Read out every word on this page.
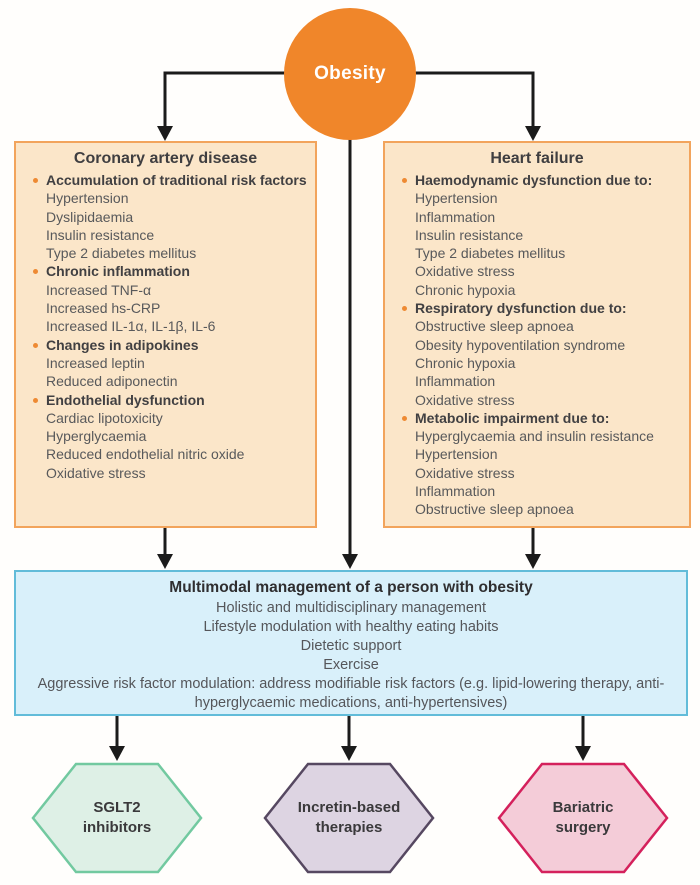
Obesity
Coronary artery disease
Accumulation of traditional risk factors
Hypertension
Dyslipidaemia
Insulin resistance
Type 2 diabetes mellitus
Chronic inflammation
Increased TNF-α
Increased hs-CRP
Increased IL-1α, IL-1β, IL-6
Changes in adipokines
Increased leptin
Reduced adiponectin
Endothelial dysfunction
Cardiac lipotoxicity
Hyperglycaemia
Reduced endothelial nitric oxide
Oxidative stress
Heart failure
Haemodynamic dysfunction due to:
Hypertension
Inflammation
Insulin resistance
Type 2 diabetes mellitus
Oxidative stress
Chronic hypoxia
Respiratory dysfunction due to:
Obstructive sleep apnoea
Obesity hypoventilation syndrome
Chronic hypoxia
Inflammation
Oxidative stress
Metabolic impairment due to:
Hyperglycaemia and insulin resistance
Hypertension
Oxidative stress
Inflammation
Obstructive sleep apnoea
Multimodal management of a person with obesity
Holistic and multidisciplinary management
Lifestyle modulation with healthy eating habits
Dietetic support
Exercise
Aggressive risk factor modulation: address modifiable risk factors (e.g. lipid-lowering therapy, anti-hyperglycaemic medications, anti-hypertensives)
SGLT2 inhibitors
Incretin-based therapies
Bariatric surgery
